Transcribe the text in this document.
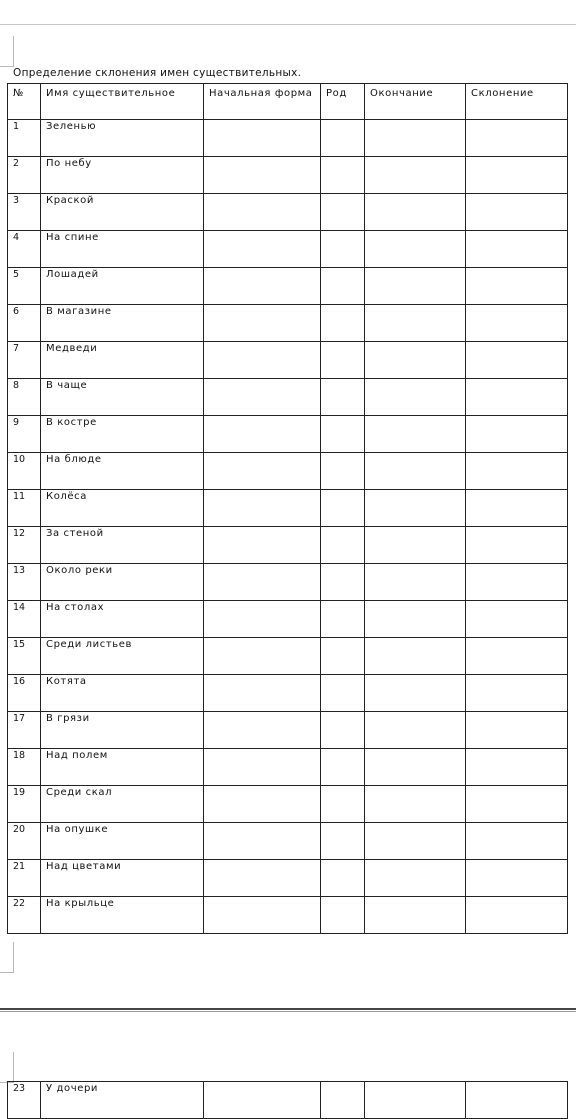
Определение склонения имен существительных.
№	Имя существительное	Начальная форма	Род	Окончание	Склонение
1	Зеленью				
2	По небу				
3	Краской				
4	На спине				
5	Лошадей				
6	В магазине				
7	Медведи				
8	В чаще				
9	В костре				
10	На блюде				
11	Колёса				
12	За стеной				
13	Около реки				
14	На столах				
15	Среди листьев				
16	Котята				
17	В грязи				
18	Над полем				
19	Среди скал				
20	На опушке				
21	Над цветами				
22	На крыльце				
23	У дочери				
